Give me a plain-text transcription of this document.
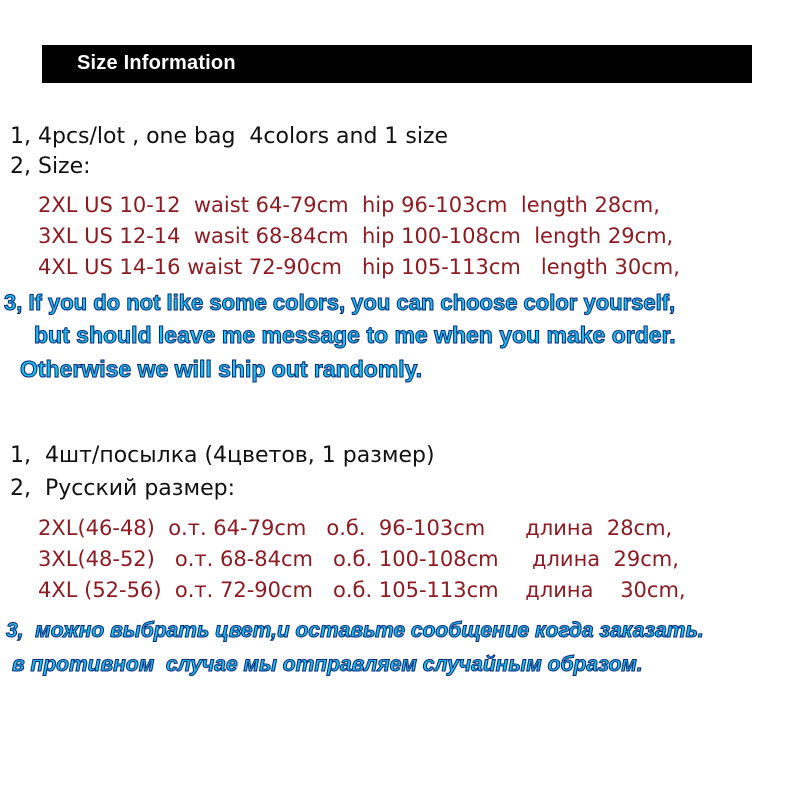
Size Information
1, 4pcs/lot , one bag  4colors and 1 size
2, Size:
2XL US 10-12  waist 64-79cm  hip 96-103cm  length 28cm,
3XL US 12-14  wasit 68-84cm  hip 100-108cm  length 29cm,
4XL US 14-16 waist 72-90cm   hip 105-113cm   length 30cm,
3, If you do not like some colors, you can choose color yourself,
but should leave me message to me when you make order.
Otherwise we will ship out randomly.
1,  4шт/посылка (4цветов, 1 размер)
2,  Русский размер:
2XL(46-48)  о.т. 64-79cm   о.б.  96-103cm      длина  28cm,
3XL(48-52)   о.т. 68-84cm   о.б. 100-108cm     длина  29cm,
4XL (52-56)  о.т. 72-90cm   о.б. 105-113cm    длина    30cm,
3,  можно выбрать цвет,и оставьте сообщение когда заказать.
в противном  случае мы отправляем случайным образом.
